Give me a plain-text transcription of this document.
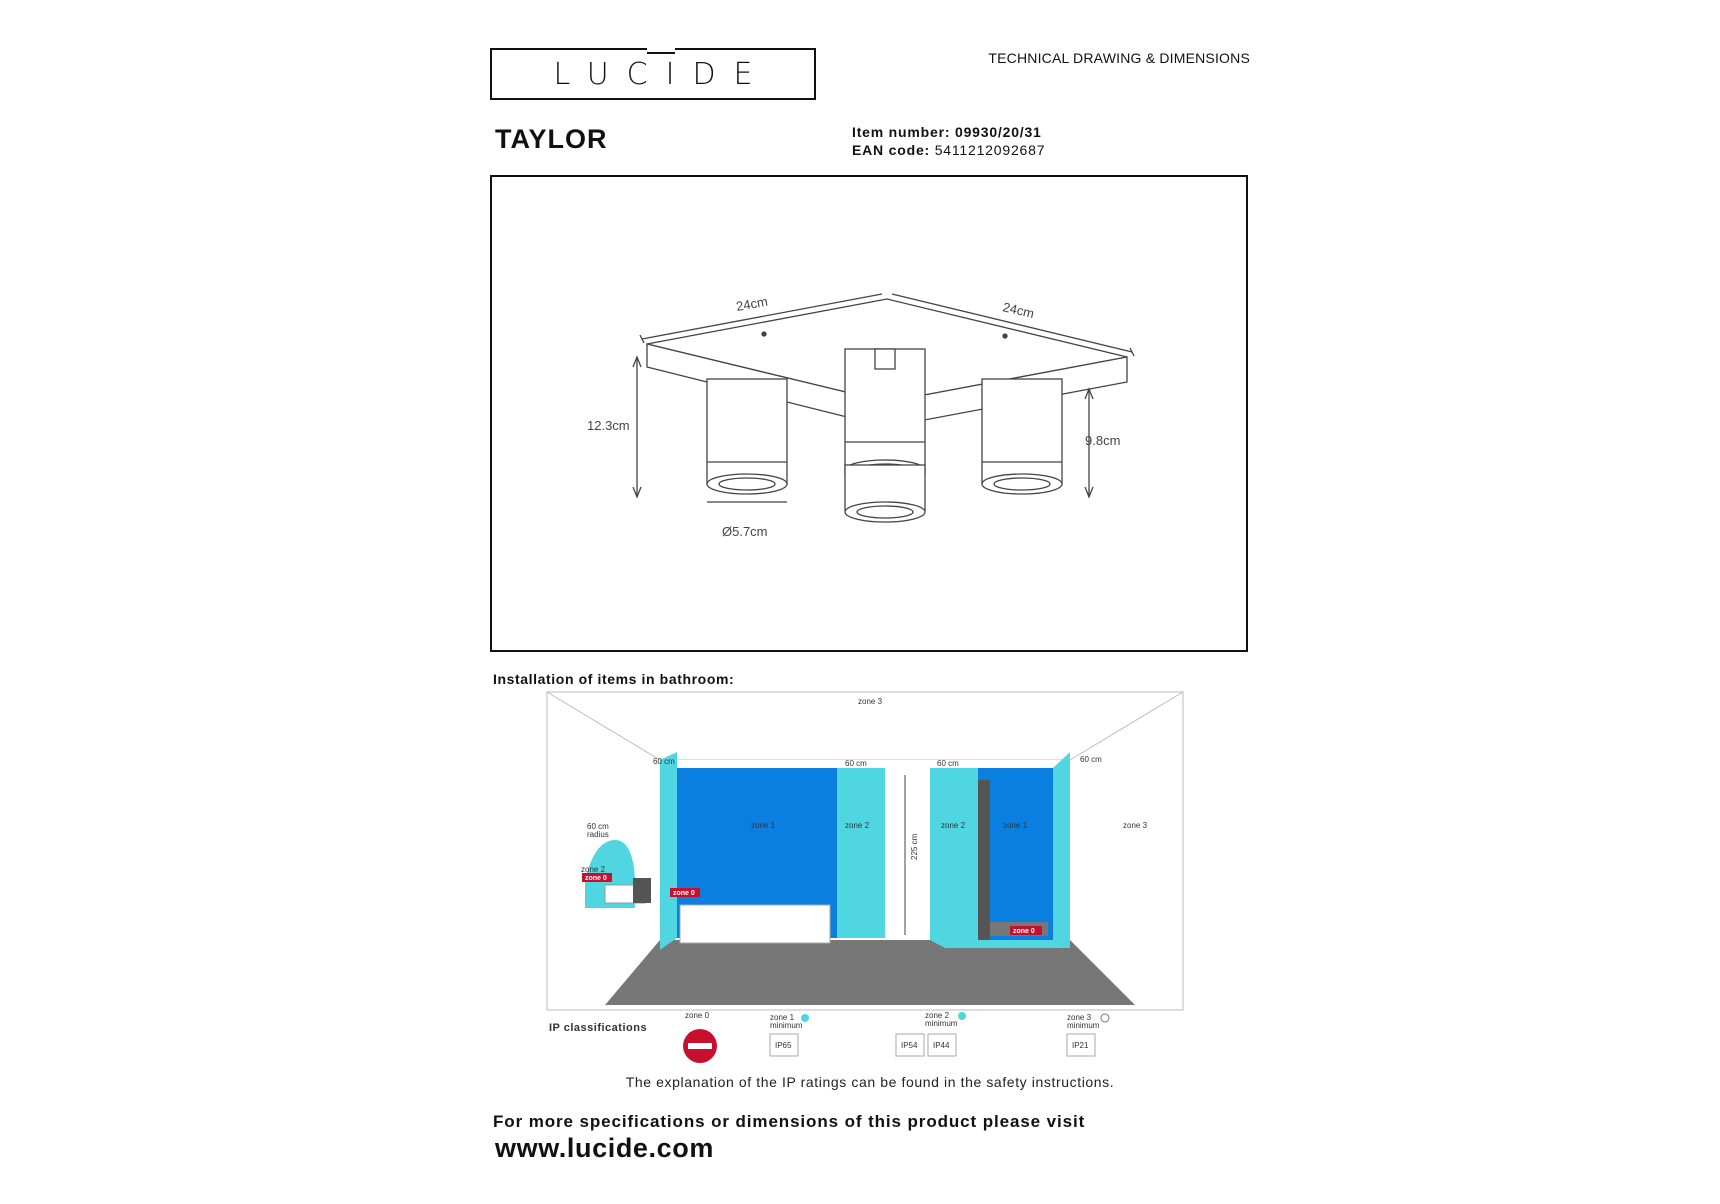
LUCIDE	TECHNICAL DRAWING & DIMENSIONS
TAYLOR	Item number: 09930/20/31
EAN code: 5411212092687
24cm	24cm
12.3cm
9.8cm
Ø5.7cm
Installation of items in bathroom:
zone 3
60 cm	60 cm	60 cm	60 cm
60 cm
radius
zone 2
zone 0
zone 1
zone 0
zone 2
225 cm
zone 2	zone 1
zone 0
zone 3
IP classifications
zone 0	zone 1
minimum
IP65
zone 2
minimum
IP54 IP44
zone 3
minimum
IP21
The explanation of the IP ratings can be found in the safety instructions.
For more specifications or dimensions of this product please visit
www.lucide.com
